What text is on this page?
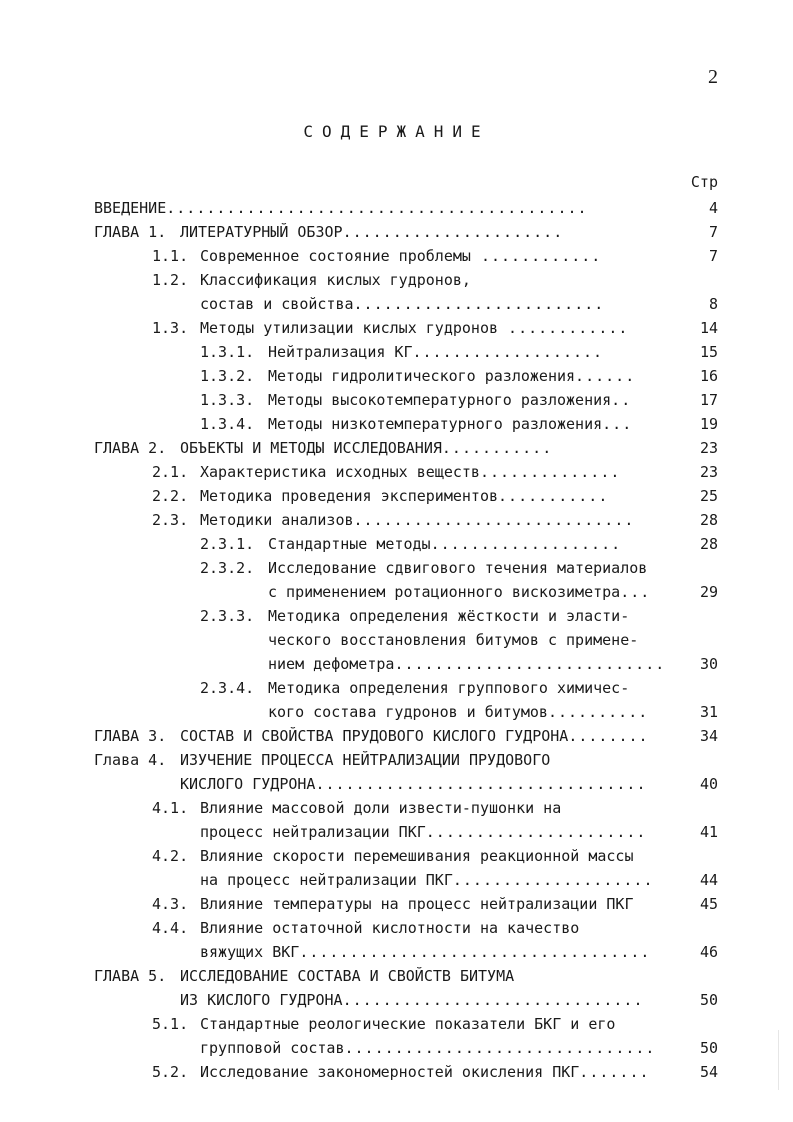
2
СОДЕРЖАНИЕ
Стр
ВВЕДЕНИЕ..........................................	4
ГЛАВА 1. ЛИТЕРАТУРНЫЙ ОБЗОР......................	7
1.1. Современное состояние проблемы ............	7
1.2. Классификация кислых гудронов,
состав и свойства.........................	8
1.3. Методы утилизации кислых гудронов ............	14
1.3.1. Нейтрализация КГ...................	15
1.3.2. Методы гидролитического разложения......	16
1.3.3. Методы высокотемпературного разложения..	17
1.3.4. Методы низкотемпературного разложения...	19
ГЛАВА 2. ОБЪЕКТЫ И МЕТОДЫ ИССЛЕДОВАНИЯ...........	23
2.1. Характеристика исходных веществ..............	23
2.2. Методика проведения экспериментов...........	25
2.3. Методики анализов............................	28
2.3.1. Стандартные методы...................	28
2.3.2. Исследование сдвигового течения материалов
с применением ротационного вискозиметра...	29
2.3.3. Методика определения жёсткости и эласти-
ческого восстановления битумов с примене-
нием дефометра...........................	30
2.3.4. Методика определения группового химичес-
кого состава гудронов и битумов..........	31
ГЛАВА 3. СОСТАВ И СВОЙСТВА ПРУДОВОГО КИСЛОГО ГУДРОНА........	34
Глава 4. ИЗУЧЕНИЕ ПРОЦЕССА НЕЙТРАЛИЗАЦИИ ПРУДОВОГО
КИСЛОГО ГУДРОНА.................................	40
4.1. Влияние массовой доли извести-пушонки на
процесс нейтрализации ПКГ......................	41
4.2. Влияние скорости перемешивания реакционной массы
на процесс нейтрализации ПКГ....................	44
4.3. Влияние температуры на процесс нейтрализации ПКГ	45
4.4. Влияние остаточной кислотности на качество
вяжущих ВКГ...................................	46
ГЛАВА 5. ИССЛЕДОВАНИЕ СОСТАВА И СВОЙСТВ БИТУМА
ИЗ КИСЛОГО ГУДРОНА..............................	50
5.1. Стандартные реологические показатели БКГ и его
групповой состав...............................	50
5.2. Исследование закономерностей окисления ПКГ.......	54
